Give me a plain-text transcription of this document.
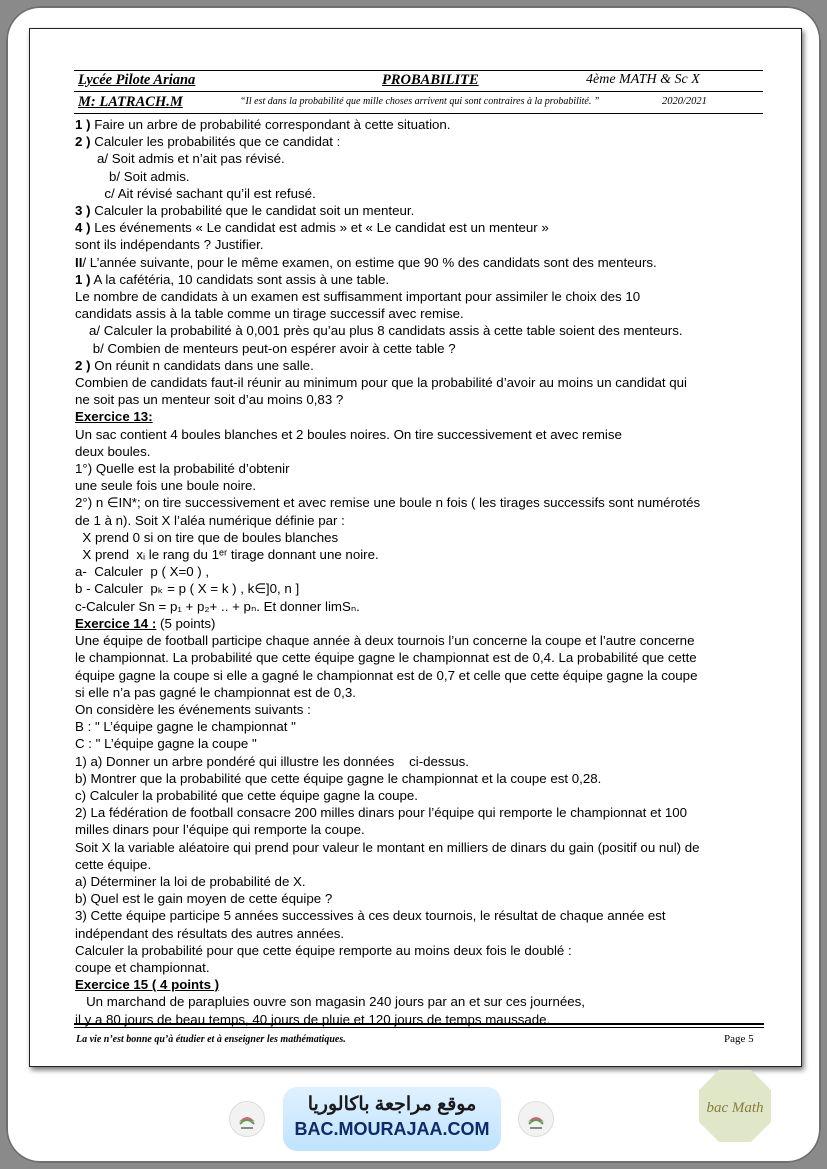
Lycée Pilote Ariana	PROBABILITE	4ème MATH & Sc X
M: LATRACH.M	“Il est dans la probabilité que mille choses arrivent qui sont contraires à la probabilité. ”	2020/2021

1 ) Faire un arbre de probabilité correspondant à cette situation.

2 ) Calculer les probabilités que ce candidat :

a/ Soit admis et n’ait pas révisé.

b/ Soit admis.

c/ Ait révisé sachant qu’il est refusé.

3 ) Calculer la probabilité que le candidat soit un menteur.

4 ) Les événements « Le candidat est admis » et « Le candidat est un menteur »

sont ils indépendants ? Justifier.

II/ L’année suivante, pour le même examen, on estime que 90 % des candidats sont des menteurs.

1 ) A la cafétéria, 10 candidats sont assis à une table.

Le nombre de candidats à un examen est suffisamment important pour assimiler le choix des 10

candidats assis à la table comme un tirage successif avec remise.

a/ Calculer la probabilité à 0,001 près qu’au plus 8 candidats assis à cette table soient des menteurs.

b/ Combien de menteurs peut-on espérer avoir à cette table ?

2 ) On réunit n candidats dans une salle.

Combien de candidats faut-il réunir au minimum pour que la probabilité d’avoir au moins un candidat qui

ne soit pas un menteur soit d’au moins 0,83 ?

Exercice 13:

Un sac contient 4 boules blanches et 2 boules noires. On tire successivement et avec remise

deux boules.

1°) Quelle est la probabilité d’obtenir

une seule fois une boule noire.

2°) n ∈IN*; on tire successivement et avec remise une boule n fois ( les tirages successifs sont numérotés

de 1 à n). Soit X l’aléa numérique définie par :

X prend 0 si on tire que de boules blanches

X prend  xᵢ le rang du 1ᵉʳ tirage donnant une noire.

a-  Calculer  p ( X=0 ) ,

b - Calculer  pₖ = p ( X = k ) , k∈]0, n ]

c-Calculer Sn = p₁ + p₂+ .. + pₙ. Et donner limSₙ.

Exercice 14 : (5 points)

Une équipe de football participe chaque année à deux tournois l’un concerne la coupe et l’autre concerne

le championnat. La probabilité que cette équipe gagne le championnat est de 0,4. La probabilité que cette

équipe gagne la coupe si elle a gagné le championnat est de 0,7 et celle que cette équipe gagne la coupe

si elle n’a pas gagné le championnat est de 0,3.

On considère les événements suivants :

B : " L’équipe gagne le championnat "

C : " L’équipe gagne la coupe "

1) a) Donner un arbre pondéré qui illustre les données    ci-dessus.

b) Montrer que la probabilité que cette équipe gagne le championnat et la coupe est 0,28.

c) Calculer la probabilité que cette équipe gagne la coupe.

2) La fédération de football consacre 200 milles dinars pour l’équipe qui remporte le championnat et 100

milles dinars pour l’équipe qui remporte la coupe.

Soit X la variable aléatoire qui prend pour valeur le montant en milliers de dinars du gain (positif ou nul) de

cette équipe.

a) Déterminer la loi de probabilité de X.

b) Quel est le gain moyen de cette équipe ?

3) Cette équipe participe 5 années successives à ces deux tournois, le résultat de chaque année est

indépendant des résultats des autres années.

Calculer la probabilité pour que cette équipe remporte au moins deux fois le doublé :

coupe et championnat.

Exercice 15 ( 4 points )

Un marchand de parapluies ouvre son magasin 240 jours par an et sur ces journées,

il y a 80 jours de beau temps, 40 jours de pluie et 120 jours de temps maussade.

La vie n’est bonne qu’à étudier et à enseigner les mathématiques.	Page 5
موقع مراجعة باكالوريا
BAC.MOURAJAA.COM
bac Math
